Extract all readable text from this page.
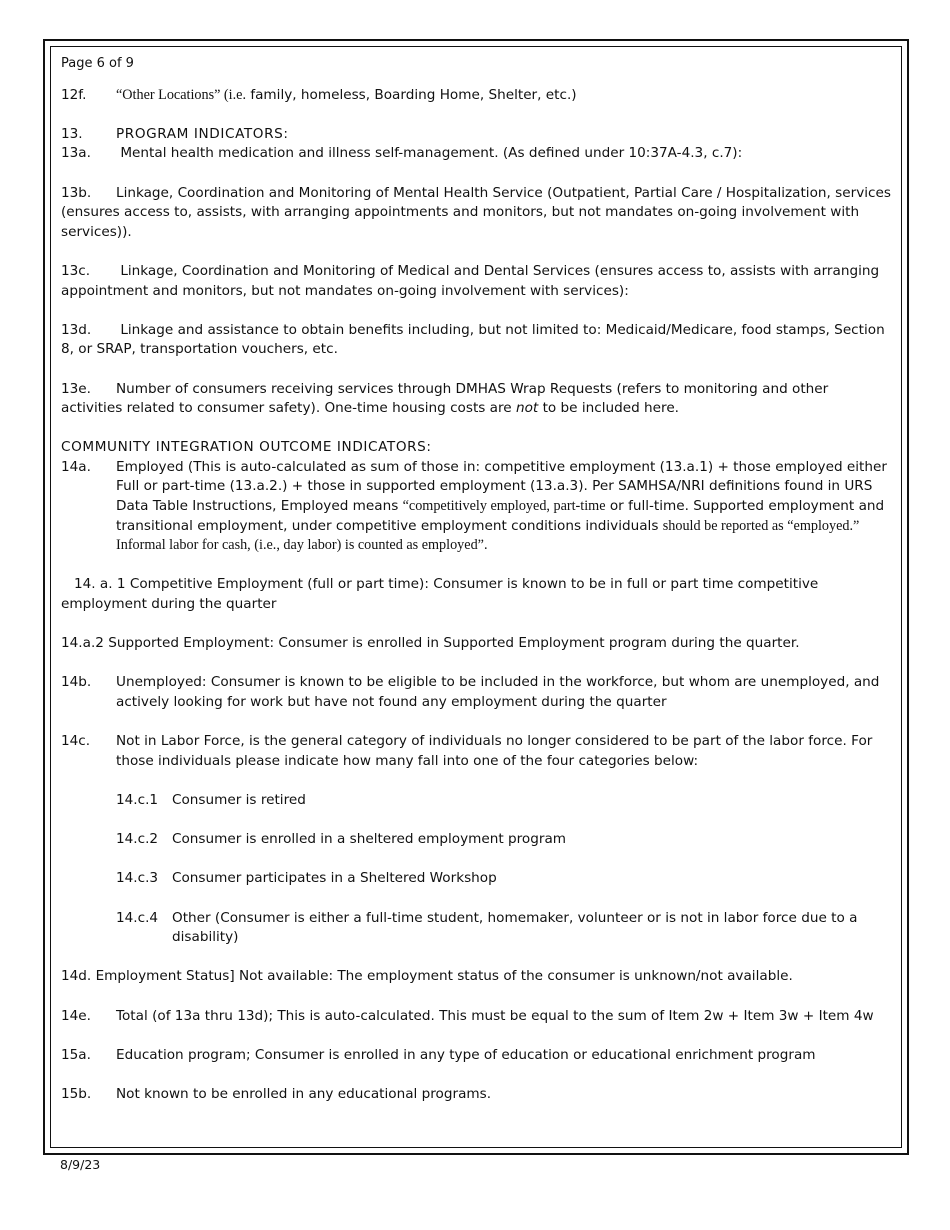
Page 6 of 9

12f. “Other Locations” (i.e. family, homeless, Boarding Home, Shelter, etc.)

13. PROGRAM INDICATORS:

13a. Mental health medication and illness self-management. (As defined under 10:37A-4.3, c.7):

13b. Linkage, Coordination and Monitoring of Mental Health Service (Outpatient, Partial Care / Hospitalization, services (ensures access to, assists, with arranging appointments and monitors, but not mandates on-going involvement with services)).

13c. Linkage, Coordination and Monitoring of Medical and Dental Services (ensures access to, assists with arranging appointment and monitors, but not mandates on-going involvement with services):

13d. Linkage and assistance to obtain benefits including, but not limited to: Medicaid/Medicare, food stamps, Section 8, or SRAP, transportation vouchers, etc.

13e. Number of consumers receiving services through DMHAS Wrap Requests (refers to monitoring and other activities related to consumer safety). One-time housing costs are not to be included here.

COMMUNITY INTEGRATION OUTCOME INDICATORS:

14a.	Employed (This is auto-calculated as sum of those in: competitive employment (13.a.1) + those employed either Full or part-time (13.a.2.) + those in supported employment (13.a.3). Per SAMHSA/NRI definitions found in URS Data Table Instructions, Employed means “competitively employed, part-time or full-time. Supported employment and transitional employment, under competitive employment conditions individuals should be reported as “employed.” Informal labor for cash, (i.e., day labor) is counted as employed”.

14. a. 1 Competitive Employment (full or part time): Consumer is known to be in full or part time competitive employment during the quarter

14.a.2 Supported Employment: Consumer is enrolled in Supported Employment program during the quarter.

14b.	Unemployed: Consumer is known to be eligible to be included in the workforce, but whom are unemployed, and actively looking for work but have not found any employment during the quarter
14c.	Not in Labor Force, is the general category of individuals no longer considered to be part of the labor force. For those individuals please indicate how many fall into one of the four categories below:
14.c.1	Consumer is retired
14.c.2	Consumer is enrolled in a sheltered employment program
14.c.3	Consumer participates in a Sheltered Workshop
14.c.4	Other (Consumer is either a full-time student, homemaker, volunteer or is not in labor force due to a disability)

14d. Employment Status] Not available: The employment status of the consumer is unknown/not available.

14e.	Total (of 13a thru 13d); This is auto-calculated. This must be equal to the sum of Item 2w + Item 3w + Item 4w
15a.	Education program; Consumer is enrolled in any type of education or educational enrichment program
15b.	Not known to be enrolled in any educational programs.
8/9/23
